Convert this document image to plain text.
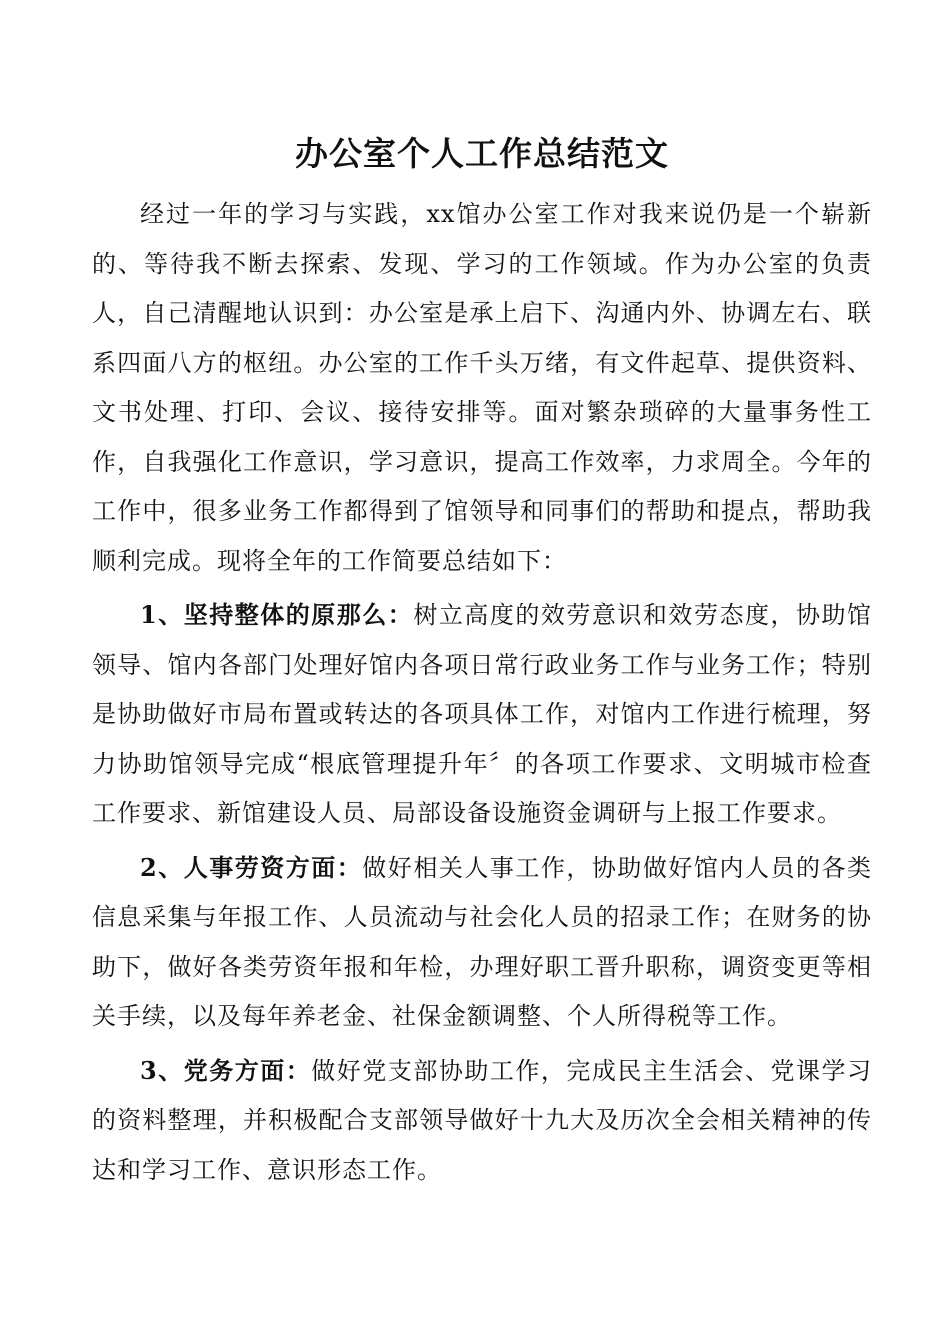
办公室个人工作总结范文

经过一年的学习与实践，xx馆办公室工作对我来说仍是一个崭新的、等待我不断去探索、发现、学习的工作领域。作为办公室的负责人，自己清醒地认识到：办公室是承上启下、沟通内外、协调左右、联系四面八方的枢纽。办公室的工作千头万绪，有文件起草、提供资料、文书处理、打印、会议、接待安排等。面对繁杂琐碎的大量事务性工作，自我强化工作意识，学习意识，提高工作效率，力求周全。今年的工作中，很多业务工作都得到了馆领导和同事们的帮助和提点，帮助我顺利完成。现将全年的工作简要总结如下：

1、坚持整体的原那么：树立高度的效劳意识和效劳态度，协助馆领导、馆内各部门处理好馆内各项日常行政业务工作与业务工作；特别是协助做好市局布置或转达的各项具体工作，对馆内工作进行梳理，努力协助馆领导完成“根底管理提升年〞的各项工作要求、文明城市检查工作要求、新馆建设人员、局部设备设施资金调研与上报工作要求。

2、人事劳资方面：做好相关人事工作，协助做好馆内人员的各类信息采集与年报工作、人员流动与社会化人员的招录工作；在财务的协助下，做好各类劳资年报和年检，办理好职工晋升职称，调资变更等相关手续，以及每年养老金、社保金额调整、个人所得税等工作。

3、党务方面：做好党支部协助工作，完成民主生活会、党课学习的资料整理，并积极配合支部领导做好十九大及历次全会相关精神的传达和学习工作、意识形态工作。
